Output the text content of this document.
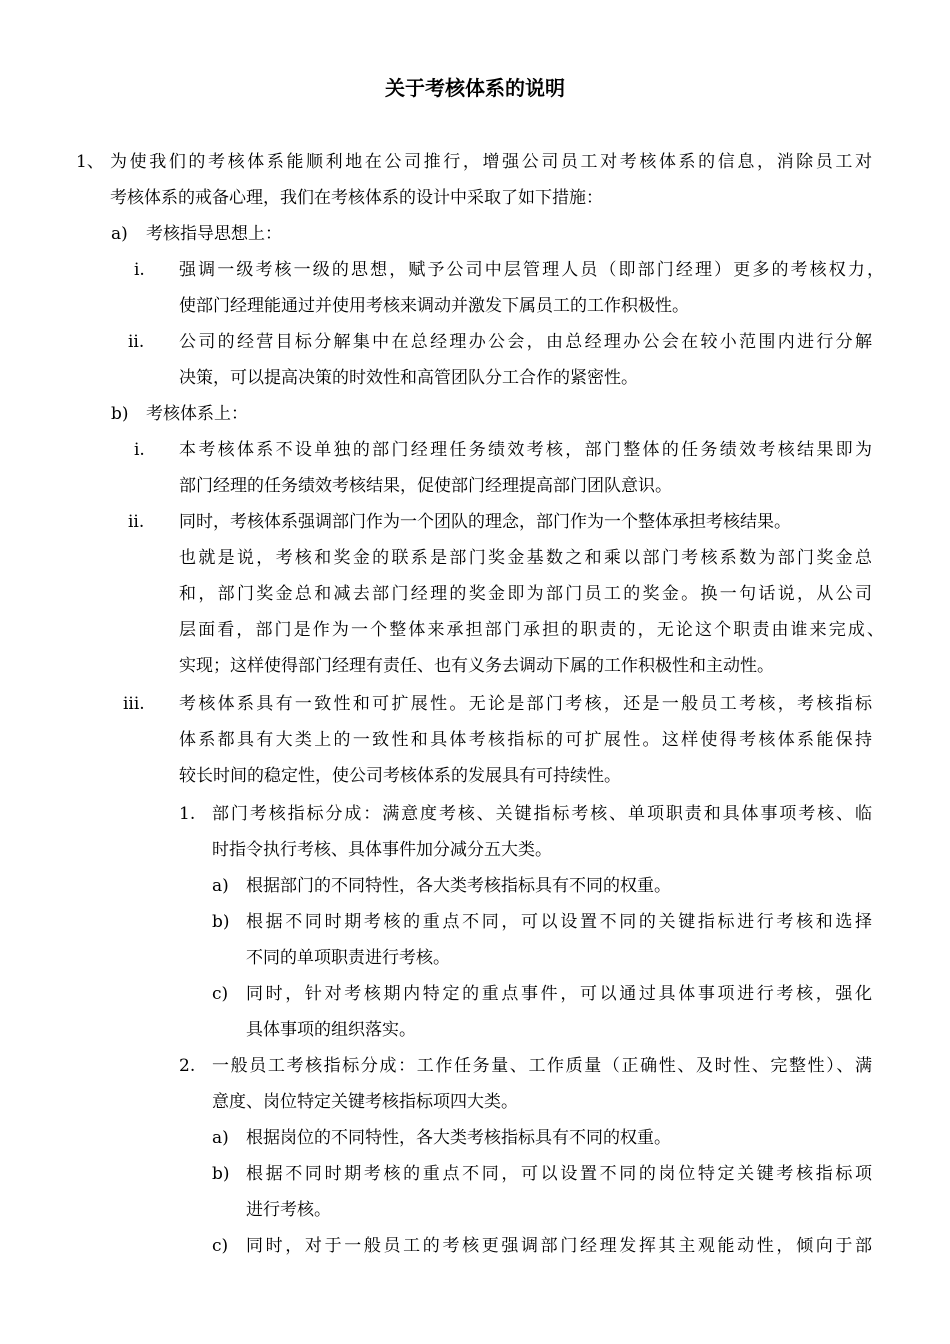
关于考核体系的说明
1、 为使我们的考核体系能顺利地在公司推行，增强公司员工对考核体系的信息，消除员工对
考核体系的戒备心理，我们在考核体系的设计中采取了如下措施：
a) 考核指导思想上：
i. 强调一级考核一级的思想，赋予公司中层管理人员（即部门经理）更多的考核权力，
使部门经理能通过并使用考核来调动并激发下属员工的工作积极性。
ii. 公司的经营目标分解集中在总经理办公会，由总经理办公会在较小范围内进行分解
决策，可以提高决策的时效性和高管团队分工合作的紧密性。
b) 考核体系上：
i. 本考核体系不设单独的部门经理任务绩效考核，部门整体的任务绩效考核结果即为
部门经理的任务绩效考核结果，促使部门经理提高部门团队意识。
ii. 同时，考核体系强调部门作为一个团队的理念，部门作为一个整体承担考核结果。
也就是说，考核和奖金的联系是部门奖金基数之和乘以部门考核系数为部门奖金总
和，部门奖金总和减去部门经理的奖金即为部门员工的奖金。换一句话说，从公司
层面看，部门是作为一个整体来承担部门承担的职责的，无论这个职责由谁来完成、
实现；这样使得部门经理有责任、也有义务去调动下属的工作积极性和主动性。
iii. 考核体系具有一致性和可扩展性。无论是部门考核，还是一般员工考核，考核指标
体系都具有大类上的一致性和具体考核指标的可扩展性。这样使得考核体系能保持
较长时间的稳定性，使公司考核体系的发展具有可持续性。
1. 部门考核指标分成：满意度考核、关键指标考核、单项职责和具体事项考核、临
时指令执行考核、具体事件加分减分五大类。
a) 根据部门的不同特性，各大类考核指标具有不同的权重。
b) 根据不同时期考核的重点不同，可以设置不同的关键指标进行考核和选择
不同的单项职责进行考核。
c) 同时，针对考核期内特定的重点事件，可以通过具体事项进行考核，强化
具体事项的组织落实。
2. 一般员工考核指标分成：工作任务量、工作质量（正确性、及时性、完整性）、满
意度、岗位特定关键考核指标项四大类。
a) 根据岗位的不同特性，各大类考核指标具有不同的权重。
b) 根据不同时期考核的重点不同，可以设置不同的岗位特定关键考核指标项
进行考核。
c) 同时，对于一般员工的考核更强调部门经理发挥其主观能动性，倾向于部
